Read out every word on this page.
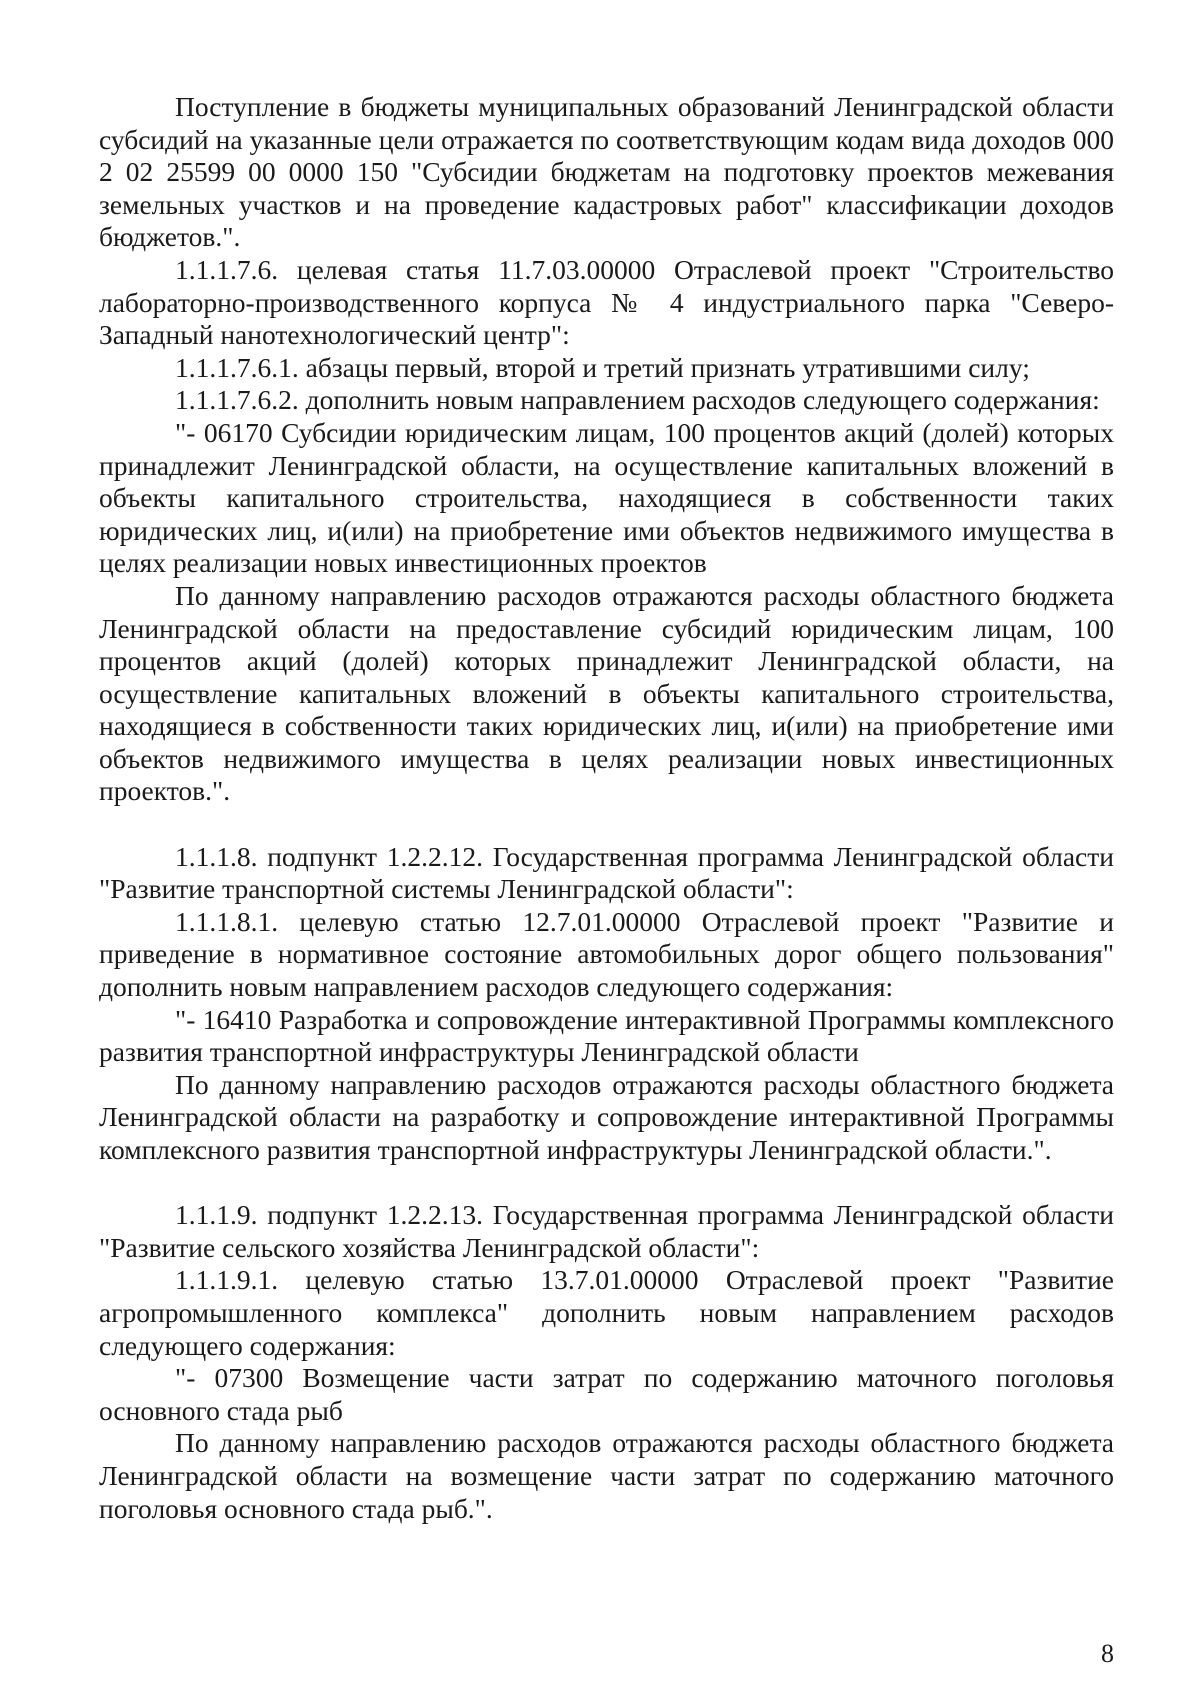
Поступление в бюджеты муниципальных образований Ленинградской области субсидий на указанные цели отражается по соответствующим кодам вида доходов 000 2 02 25599 00 0000 150 "Субсидии бюджетам на подготовку проектов межевания земельных участков и на проведение кадастровых работ" классификации доходов бюджетов.".

1.1.1.7.6. целевая статья 11.7.03.00000 Отраслевой проект "Строительство лабораторно-производственного корпуса № 4 индустриального парка "Северо-Западный нанотехнологический центр":

1.1.1.7.6.1. абзацы первый, второй и третий признать утратившими силу;

1.1.1.7.6.2. дополнить новым направлением расходов следующего содержания:

"- 06170 Субсидии юридическим лицам, 100 процентов акций (долей) которых принадлежит Ленинградской области, на осуществление капитальных вложений в объекты капитального строительства, находящиеся в собственности таких юридических лиц, и(или) на приобретение ими объектов недвижимого имущества в целях реализации новых инвестиционных проектов

По данному направлению расходов отражаются расходы областного бюджета Ленинградской области на предоставление субсидий юридическим лицам, 100 процентов акций (долей) которых принадлежит Ленинградской области, на осуществление капитальных вложений в объекты капитального строительства, находящиеся в собственности таких юридических лиц, и(или) на приобретение ими объектов недвижимого имущества в целях реализации новых инвестиционных проектов.".

1.1.1.8. подпункт 1.2.2.12. Государственная программа Ленинградской области "Развитие транспортной системы Ленинградской области":

1.1.1.8.1. целевую статью 12.7.01.00000 Отраслевой проект "Развитие и приведение в нормативное состояние автомобильных дорог общего пользования" дополнить новым направлением расходов следующего содержания:

"- 16410 Разработка и сопровождение интерактивной Программы комплексного развития транспортной инфраструктуры Ленинградской области

По данному направлению расходов отражаются расходы областного бюджета Ленинградской области на разработку и сопровождение интерактивной Программы комплексного развития транспортной инфраструктуры Ленинградской области.".

1.1.1.9. подпункт 1.2.2.13. Государственная программа Ленинградской области "Развитие сельского хозяйства Ленинградской области":

1.1.1.9.1. целевую статью 13.7.01.00000 Отраслевой проект "Развитие агропромышленного комплекса" дополнить новым направлением расходов следующего содержания:

"- 07300 Возмещение части затрат по содержанию маточного поголовья основного стада рыб

По данному направлению расходов отражаются расходы областного бюджета Ленинградской области на возмещение части затрат по содержанию маточного поголовья основного стада рыб.".

8
